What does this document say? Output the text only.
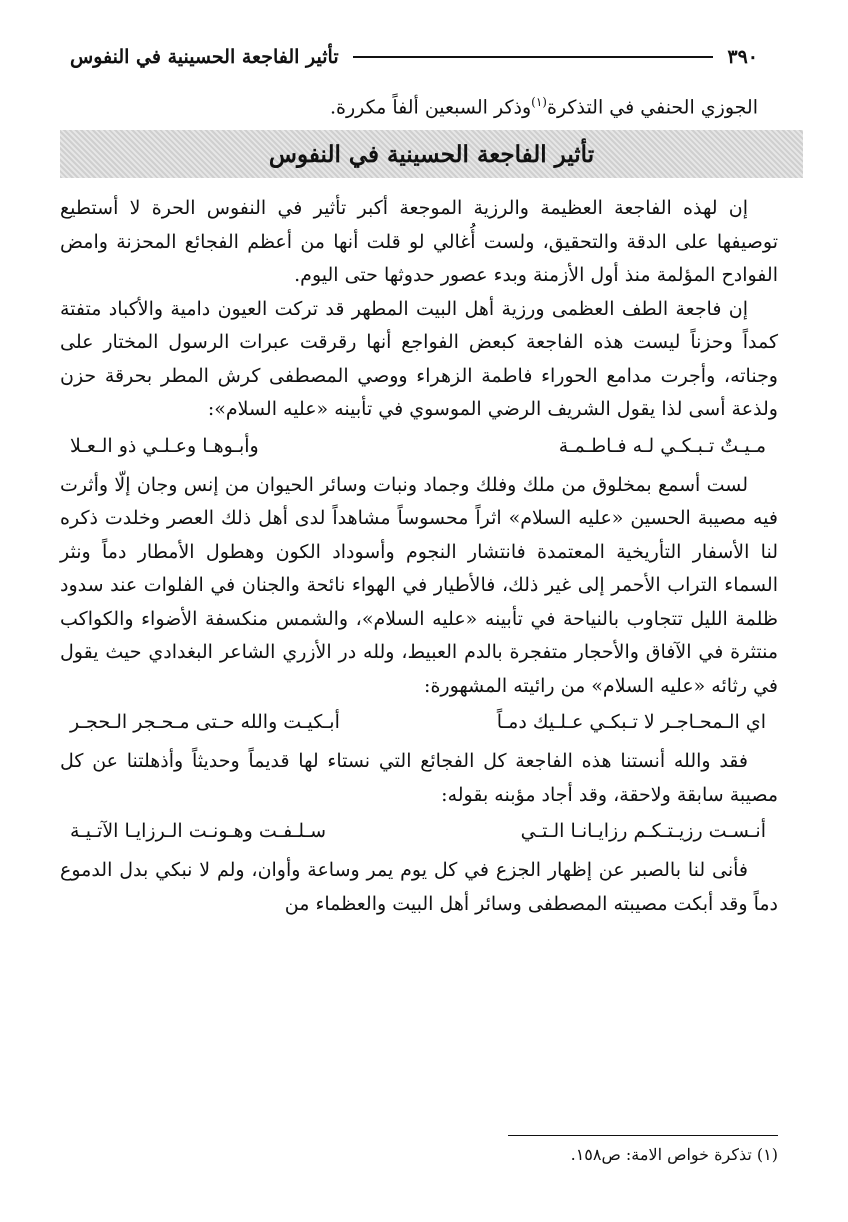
٣٩٠
تأثير الفاجعة الحسينية في النفوس
الجوزي الحنفي في التذكرة$^{(١)}$وذكر السبعين ألفاً مكررة.
تأثير الفاجعة الحسينية في النفوس

إن لهذه الفاجعة العظيمة والرزية الموجعة أكبر تأثير في النفوس الحرة لا أستطيع توصيفها على الدقة والتحقيق، ولست أُغالي لو قلت أنها من أعظم الفجائع المحزنة وامض الفوادح المؤلمة منذ أول الأزمنة وبدء عصور حدوثها حتى اليوم.

إن فاجعة الطف العظمى ورزية أهل البيت المطهر قد تركت العيون دامية والأكباد متفتة كمداً وحزناً ليست هذه الفاجعة كبعض الفواجع أنها رقرقت عبرات الرسول المختار على وجناته، وأجرت مدامع الحوراء فاطمة الزهراء ووصي المصطفى كرش المطر بحرقة حزن ولذعة أسى لذا يقول الشريف الرضي الموسوي في تأبينه «عليه السلام»:

مـيـتٌ تـبـكـي لـه فـاطـمـة
وأبـوهـا وعـلـي ذو الـعـلا

لست أسمع بمخلوق من ملك وفلك وجماد ونبات وسائر الحيوان من إنس وجان إلّا وأثرت فيه مصيبة الحسين «عليه السلام» اثراً محسوساً مشاهداً لدى أهل ذلك العصر وخلدت ذكره لنا الأسفار التأريخية المعتمدة فانتشار النجوم وأسوداد الكون وهطول الأمطار دماً ونثر السماء التراب الأحمر إلى غير ذلك، فالأطيار في الهواء نائحة والجنان في الفلوات عند سدود ظلمة الليل تتجاوب بالنياحة في تأبينه «عليه السلام»، والشمس منكسفة الأضواء والكواكب منتثرة في الآفاق والأحجار متفجرة بالدم العبيط، ولله در الأزري الشاعر البغدادي حيث يقول في رثائه «عليه السلام» من رائيته المشهورة:

اي الـمحـاجـر لا تـبكـي عـلـيك دمـاً
أبـكيـت والله حـتى مـحـجر الـحجـر

فقد والله أنستنا هذه الفاجعة كل الفجائع التي نستاء لها قديماً وحديثاً وأذهلتنا عن كل مصيبة سابقة ولاحقة، وقد أجاد مؤبنه بقوله:

أنـسـت رزيـتـكـم رزايـانـا الـتـي
سـلـفـت وهـونـت الـرزايـا الآتـيـة

فأنى لنا بالصبر عن إظهار الجزع في كل يوم يمر وساعة وأوان، ولم لا نبكي بدل الدموع دماً وقد أبكت مصيبته المصطفى وسائر أهل البيت والعظماء من

(١) تذكرة خواص الامة: ص١٥٨.
